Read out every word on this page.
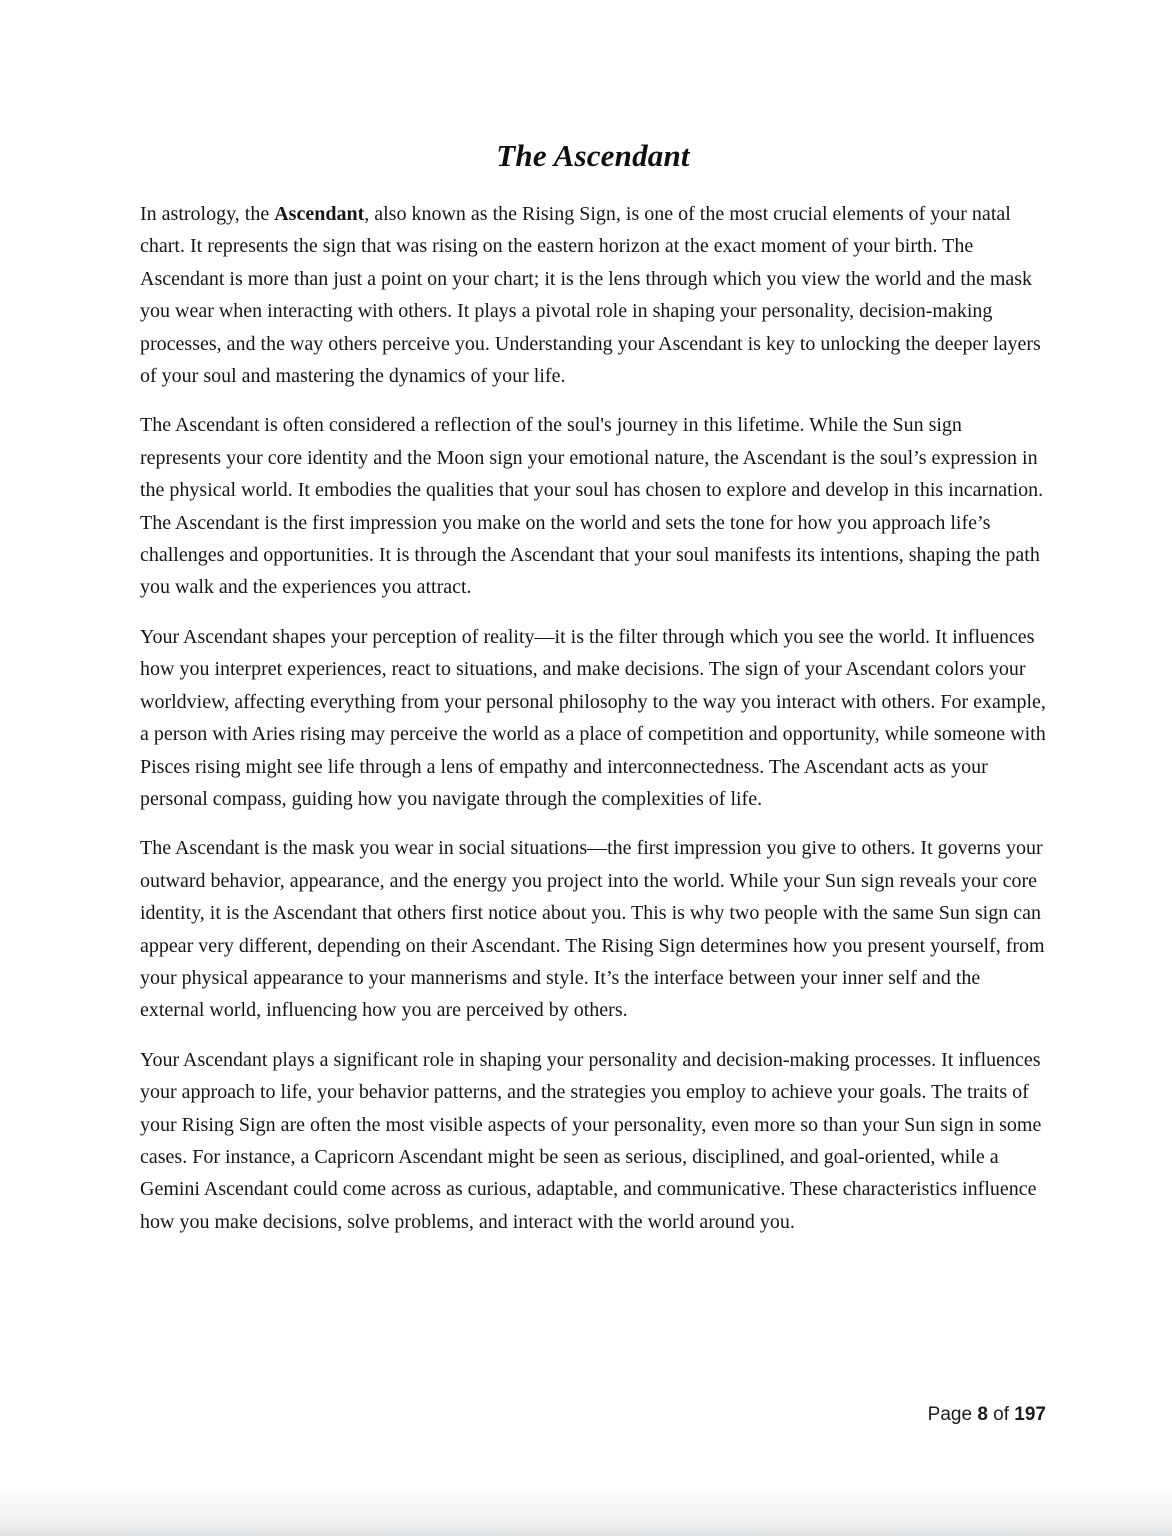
The Ascendant

In astrology, the Ascendant, also known as the Rising Sign, is one of the most crucial elements of your natal chart. It represents the sign that was rising on the eastern horizon at the exact moment of your birth. The Ascendant is more than just a point on your chart; it is the lens through which you view the world and the mask you wear when interacting with others. It plays a pivotal role in shaping your personality, decision-making processes, and the way others perceive you. Understanding your Ascendant is key to unlocking the deeper layers of your soul and mastering the dynamics of your life.

The Ascendant is often considered a reflection of the soul's journey in this lifetime. While the Sun sign represents your core identity and the Moon sign your emotional nature, the Ascendant is the soul’s expression in the physical world. It embodies the qualities that your soul has chosen to explore and develop in this incarnation. The Ascendant is the first impression you make on the world and sets the tone for how you approach life’s challenges and opportunities. It is through the Ascendant that your soul manifests its intentions, shaping the path you walk and the experiences you attract.

Your Ascendant shapes your perception of reality—it is the filter through which you see the world. It influences how you interpret experiences, react to situations, and make decisions. The sign of your Ascendant colors your worldview, affecting everything from your personal philosophy to the way you interact with others. For example, a person with Aries rising may perceive the world as a place of competition and opportunity, while someone with Pisces rising might see life through a lens of empathy and interconnectedness. The Ascendant acts as your personal compass, guiding how you navigate through the complexities of life.

The Ascendant is the mask you wear in social situations—the first impression you give to others. It governs your outward behavior, appearance, and the energy you project into the world. While your Sun sign reveals your core identity, it is the Ascendant that others first notice about you. This is why two people with the same Sun sign can appear very different, depending on their Ascendant. The Rising Sign determines how you present yourself, from your physical appearance to your mannerisms and style. It’s the interface between your inner self and the external world, influencing how you are perceived by others.

Your Ascendant plays a significant role in shaping your personality and decision-making processes. It influences your approach to life, your behavior patterns, and the strategies you employ to achieve your goals. The traits of your Rising Sign are often the most visible aspects of your personality, even more so than your Sun sign in some cases. For instance, a Capricorn Ascendant might be seen as serious, disciplined, and goal-oriented, while a Gemini Ascendant could come across as curious, adaptable, and communicative. These characteristics influence how you make decisions, solve problems, and interact with the world around you.

Page 8 of 197
